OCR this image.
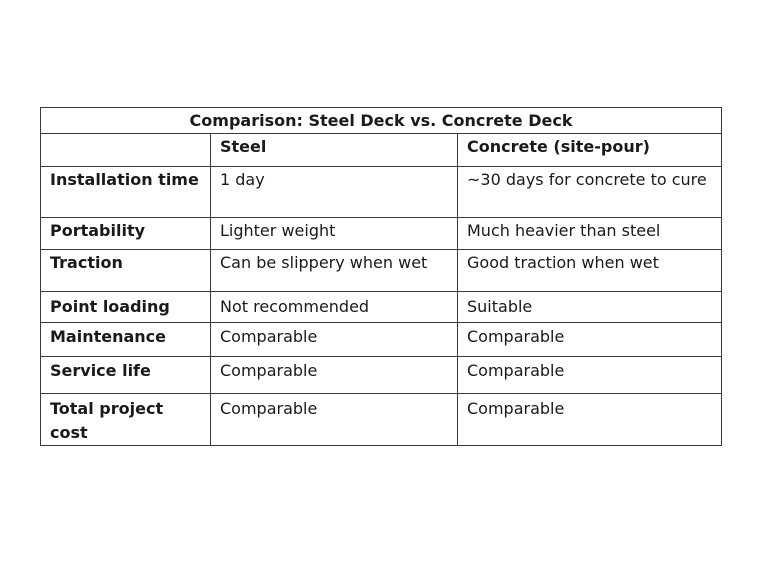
Comparison: Steel Deck vs. Concrete Deck		
	Steel	Concrete (site-pour)
Installation time	1 day	~30 days for concrete to cure
Portability	Lighter weight	Much heavier than steel
Traction	Can be slippery when wet	Good traction when wet
Point loading	Not recommended	Suitable
Maintenance	Comparable	Comparable
Service life	Comparable	Comparable
Total project cost	Comparable	Comparable
